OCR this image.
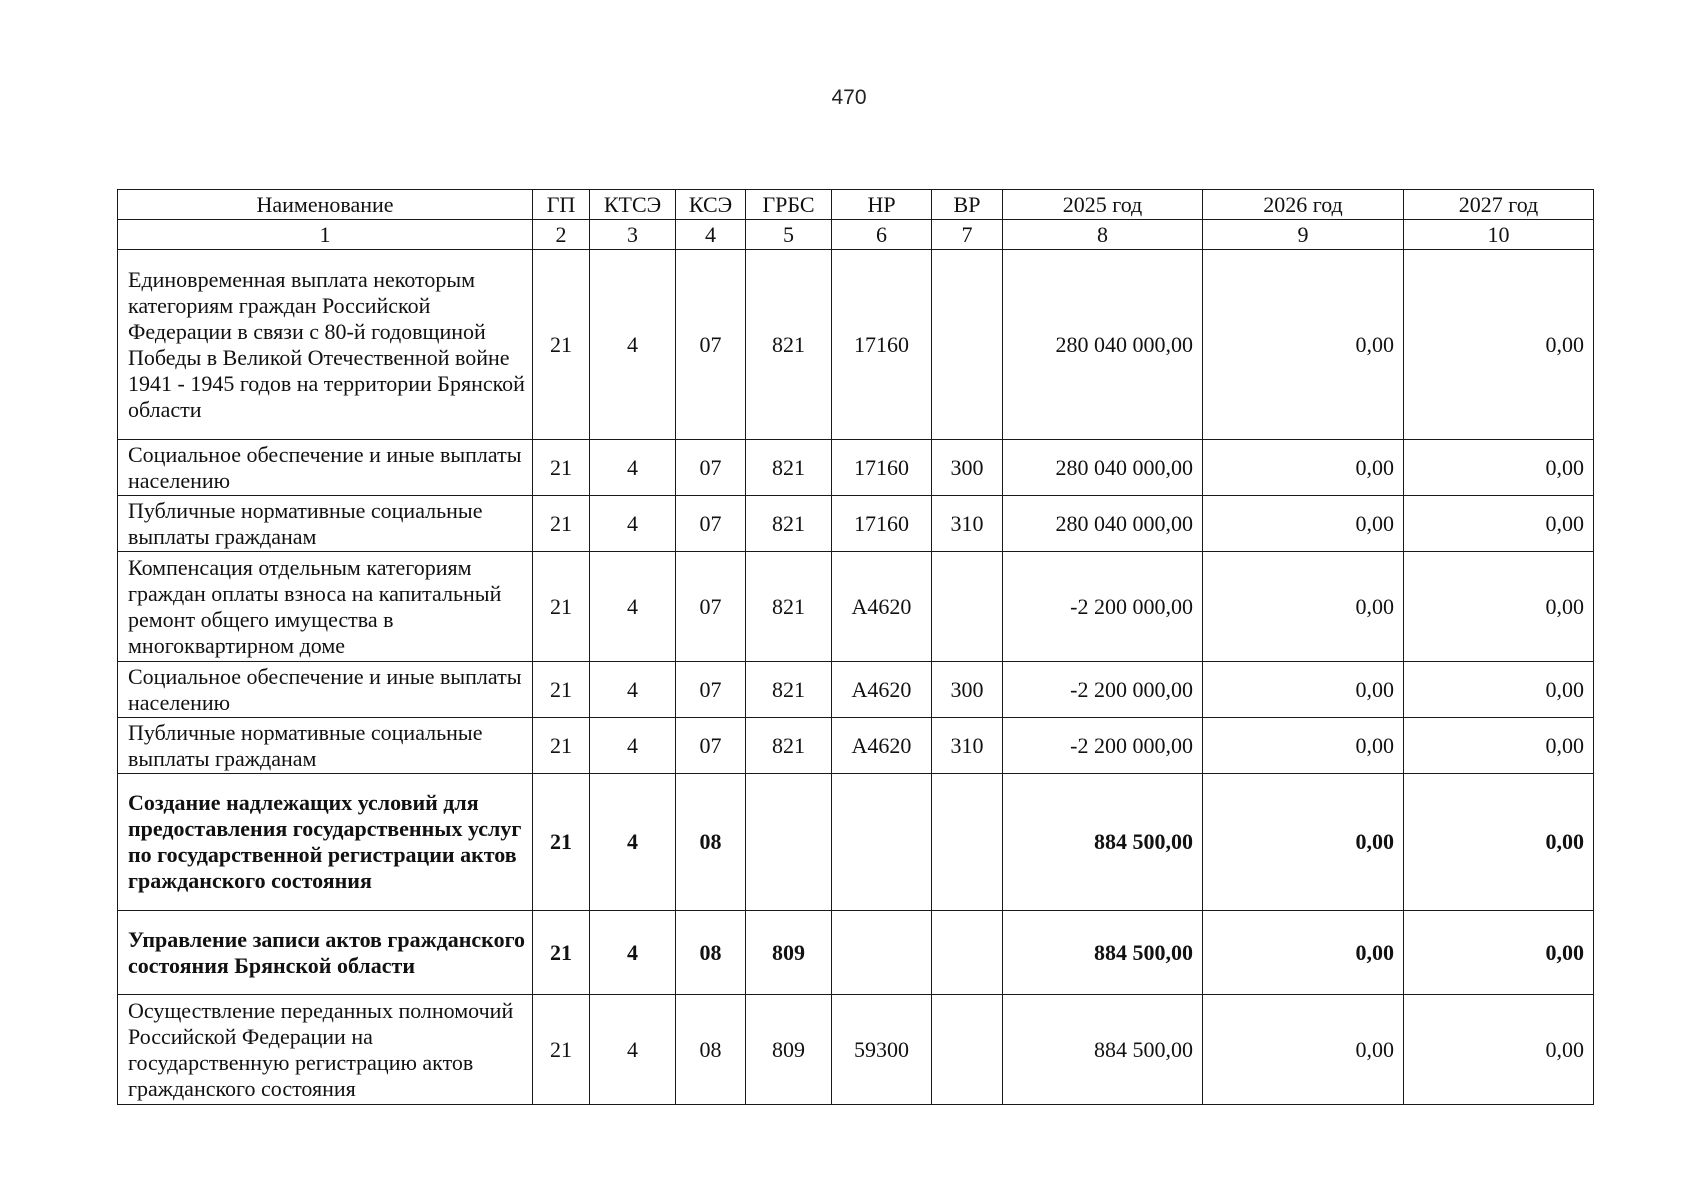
470
Наименование	ГП	КТСЭ	КСЭ	ГРБС	НР	ВР	2025 год	2026 год	2027 год
1	2	3	4	5	6	7	8	9	10
Единовременная выплата некоторым категориям граждан Российской Федерации в связи с 80-й годовщиной Победы в Великой Отечественной войне 1941 - 1945 годов на территории Брянской области	21	4	07	821	17160		280 040 000,00	0,00	0,00
Социальное обеспечение и иные выплаты населению	21	4	07	821	17160	300	280 040 000,00	0,00	0,00
Публичные нормативные социальные выплаты гражданам	21	4	07	821	17160	310	280 040 000,00	0,00	0,00
Компенсация отдельным категориям граждан оплаты взноса на капитальный ремонт общего имущества в многоквартирном доме	21	4	07	821	А4620		-2 200 000,00	0,00	0,00
Социальное обеспечение и иные выплаты населению	21	4	07	821	А4620	300	-2 200 000,00	0,00	0,00
Публичные нормативные социальные выплаты гражданам	21	4	07	821	А4620	310	-2 200 000,00	0,00	0,00
Создание надлежащих условий для предоставления государственных услуг по государственной регистрации актов гражданского состояния	21	4	08				884 500,00	0,00	0,00
Управление записи актов гражданского состояния Брянской области	21	4	08	809			884 500,00	0,00	0,00
Осуществление переданных полномочий Российской Федерации на государственную регистрацию актов гражданского состояния	21	4	08	809	59300		884 500,00	0,00	0,00
